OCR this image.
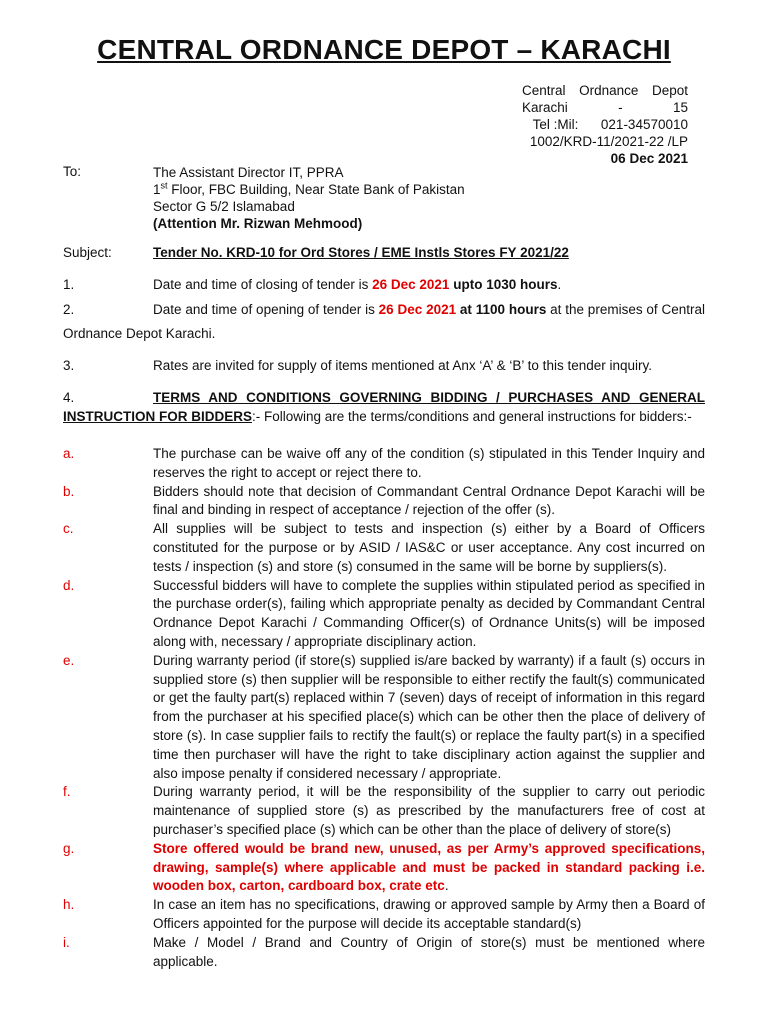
CENTRAL ORDNANCE DEPOT – KARACHI
Central Ordnance Depot
Karachi	-	15
Tel :Mil:      021-34570010
1002/KRD-11/2021-22 /LP
06 Dec 2021
To:	The Assistant Director IT, PPRA
1st Floor, FBC Building, Near State Bank of Pakistan
Sector G 5/2 Islamabad
(Attention Mr. Rizwan Mehmood)
Subject:	Tender No. KRD-10 for Ord Stores / EME Instls Stores FY 2021/22
1.	Date and time of closing of tender is 26 Dec 2021 upto 1030 hours.
2.	Date and time of opening of tender is 26 Dec 2021 at 1100 hours at the premises of Central Ordnance Depot Karachi.
3.	Rates are invited for supply of items mentioned at Anx ‘A’ & ‘B’ to this tender inquiry.
4.	TERMS AND CONDITIONS GOVERNING BIDDING / PURCHASES AND GENERAL INSTRUCTION FOR BIDDERS:- Following are the terms/conditions and general instructions for bidders:-
a.	The purchase can be waive off any of the condition (s) stipulated in this Tender Inquiry and reserves the right to accept or reject there to.
b.	Bidders should note that decision of Commandant Central Ordnance Depot Karachi will be final and binding in respect of acceptance / rejection of the offer (s).
c.	All supplies will be subject to tests and inspection (s) either by a Board of Officers constituted for the purpose or by ASID / IAS&C or user acceptance. Any cost incurred on tests / inspection (s) and store (s) consumed in the same will be borne by suppliers(s).
d.	Successful bidders will have to complete the supplies within stipulated period as specified in the purchase order(s), failing which appropriate penalty as decided by Commandant Central Ordnance Depot Karachi / Commanding Officer(s) of Ordnance Units(s) will be imposed along with, necessary / appropriate disciplinary action.
e.	During warranty period (if store(s) supplied is/are backed by warranty) if a fault (s) occurs in supplied store (s) then supplier will be responsible to either rectify the fault(s) communicated or get the faulty part(s) replaced within 7 (seven) days of receipt of information in this regard from the purchaser at his specified place(s) which can be other then the place of delivery of store (s). In case supplier fails to rectify the fault(s) or replace the faulty part(s) in a specified time then purchaser will have the right to take disciplinary action against the supplier and also impose penalty if considered necessary / appropriate.
f.	During warranty period, it will be the responsibility of the supplier to carry out periodic maintenance of supplied store (s) as prescribed by the manufacturers free of cost at purchaser’s specified place (s) which can be other than the place of delivery of store(s)
g.	Store offered would be brand new, unused, as per Army’s approved specifications, drawing, sample(s) where applicable and must be packed in standard packing i.e. wooden box, carton, cardboard box, crate etc.
h.	In case an item has no specifications, drawing or approved sample by Army then a Board of Officers appointed for the purpose will decide its acceptable standard(s)
i.	Make / Model / Brand and Country of Origin of store(s) must be mentioned where applicable.
